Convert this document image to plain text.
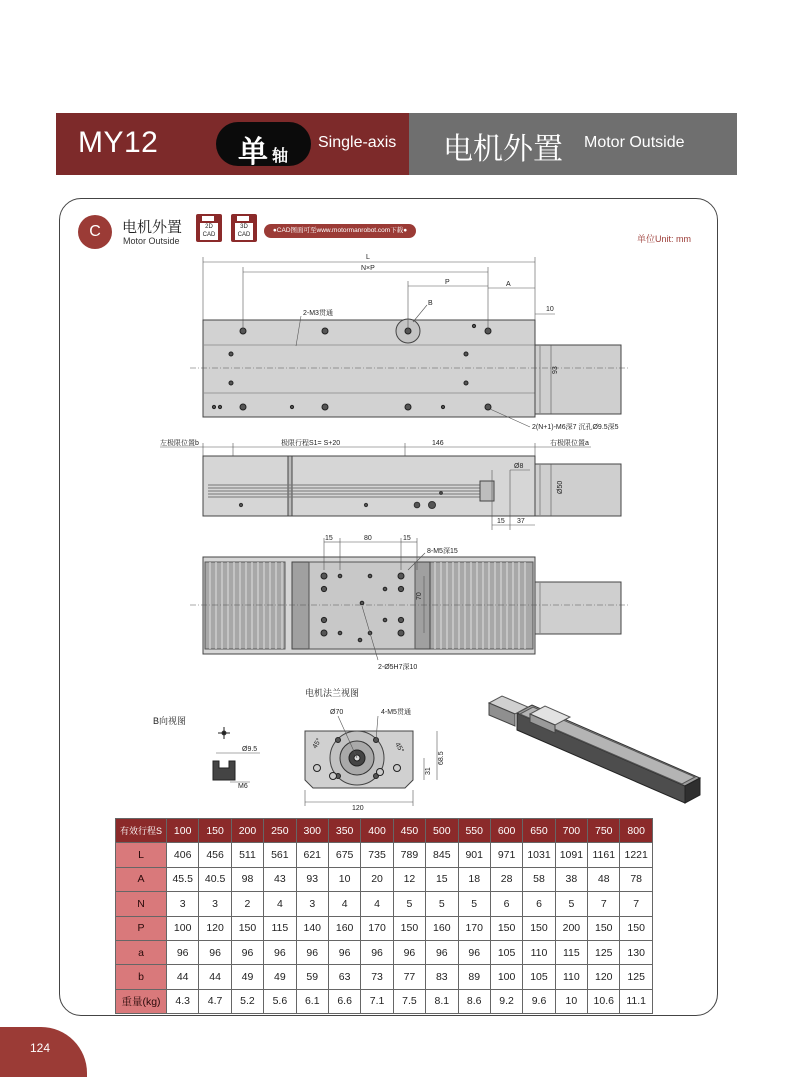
MY12	单 轴
Single-axis 电机外置 Motor Outside
C	电机外置
Motor Outside
2D
CAD
3D
CAD
●CAD图面可至www.motormanrobot.com下载●
单位Unit: mm
L
N×P
P	A
B
10
2-M3贯通
93
2(N+1)-M6深7 沉孔Ø9.5深5
左极限位置b	极限行程S1= S+20	146	右极限位置a
Ø8
Ø50
15 37
15	80	15
8-M5深15
70
2-Ø5H7深10
B向视图
Ø9.5
M6
电机法兰视图
Ø70	4-M5贯通
45°	45°
68.5
31
120
有效行程S	100	150	200	250	300	350	400	450	500	550	600	650	700	750	800
L	406	456	511	561	621	675	735	789	845	901	971	1031	1091	1161	1221
A	45.5	40.5	98	43	93	10	20	12	15	18	28	58	38	48	78
N	3	3	2	4	3	4	4	5	5	5	6	6	5	7	7
P	100	120	150	115	140	160	170	150	160	170	150	150	200	150	150
a	96	96	96	96	96	96	96	96	96	96	105	110	115	125	130
b	44	44	49	49	59	63	73	77	83	89	100	105	110	120	125
重量(kg)	4.3	4.7	5.2	5.6	6.1	6.6	7.1	7.5	8.1	8.6	9.2	9.6	10	10.6	11.1
124
